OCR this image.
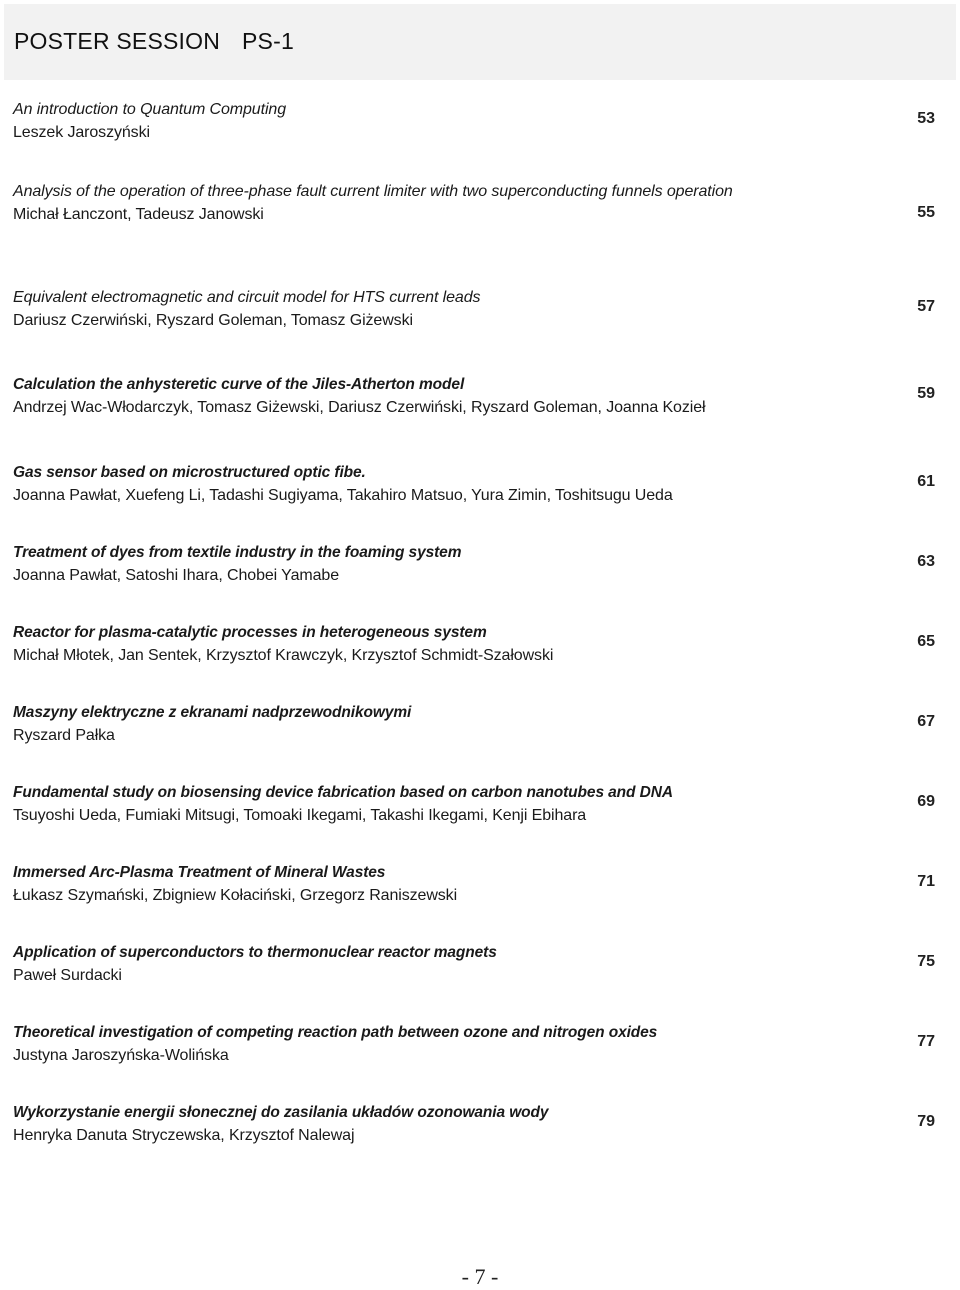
POSTER SESSION PS-1
An introduction to Quantum Computing
Leszek Jaroszyński
53
Analysis of the operation of three-phase fault current limiter with two superconducting funnels operation
Michał Łanczont, Tadeusz Janowski	55
Equivalent electromagnetic and circuit model for HTS current leads
Dariusz Czerwiński, Ryszard Goleman, Tomasz Giżewski
57
Calculation the anhysteretic curve of the Jiles-Atherton model
Andrzej Wac-Włodarczyk, Tomasz Giżewski, Dariusz Czerwiński, Ryszard Goleman, Joanna Kozieł
59
Gas sensor based on microstructured optic fibe.
Joanna Pawłat, Xuefeng Li, Tadashi Sugiyama, Takahiro Matsuo, Yura Zimin, Toshitsugu Ueda
61
Treatment of dyes from textile industry in the foaming system
Joanna Pawłat, Satoshi Ihara, Chobei Yamabe
63
Reactor for plasma-catalytic processes in heterogeneous system
Michał Młotek, Jan Sentek, Krzysztof Krawczyk, Krzysztof Schmidt-Szałowski
65
Maszyny elektryczne z ekranami nadprzewodnikowymi
Ryszard Pałka
67
Fundamental study on biosensing device fabrication based on carbon nanotubes and DNA
Tsuyoshi Ueda, Fumiaki Mitsugi, Tomoaki Ikegami, Takashi Ikegami, Kenji Ebihara
69
Immersed Arc-Plasma Treatment of Mineral Wastes
Łukasz Szymański, Zbigniew Kołaciński, Grzegorz Raniszewski
71
Application of superconductors to thermonuclear reactor magnets
Paweł Surdacki
75
Theoretical investigation of competing reaction path between ozone and nitrogen oxides
Justyna Jaroszyńska-Wolińska
77
Wykorzystanie energii słonecznej do zasilania układów ozonowania wody
Henryka Danuta Stryczewska, Krzysztof Nalewaj
79
- 7 -
